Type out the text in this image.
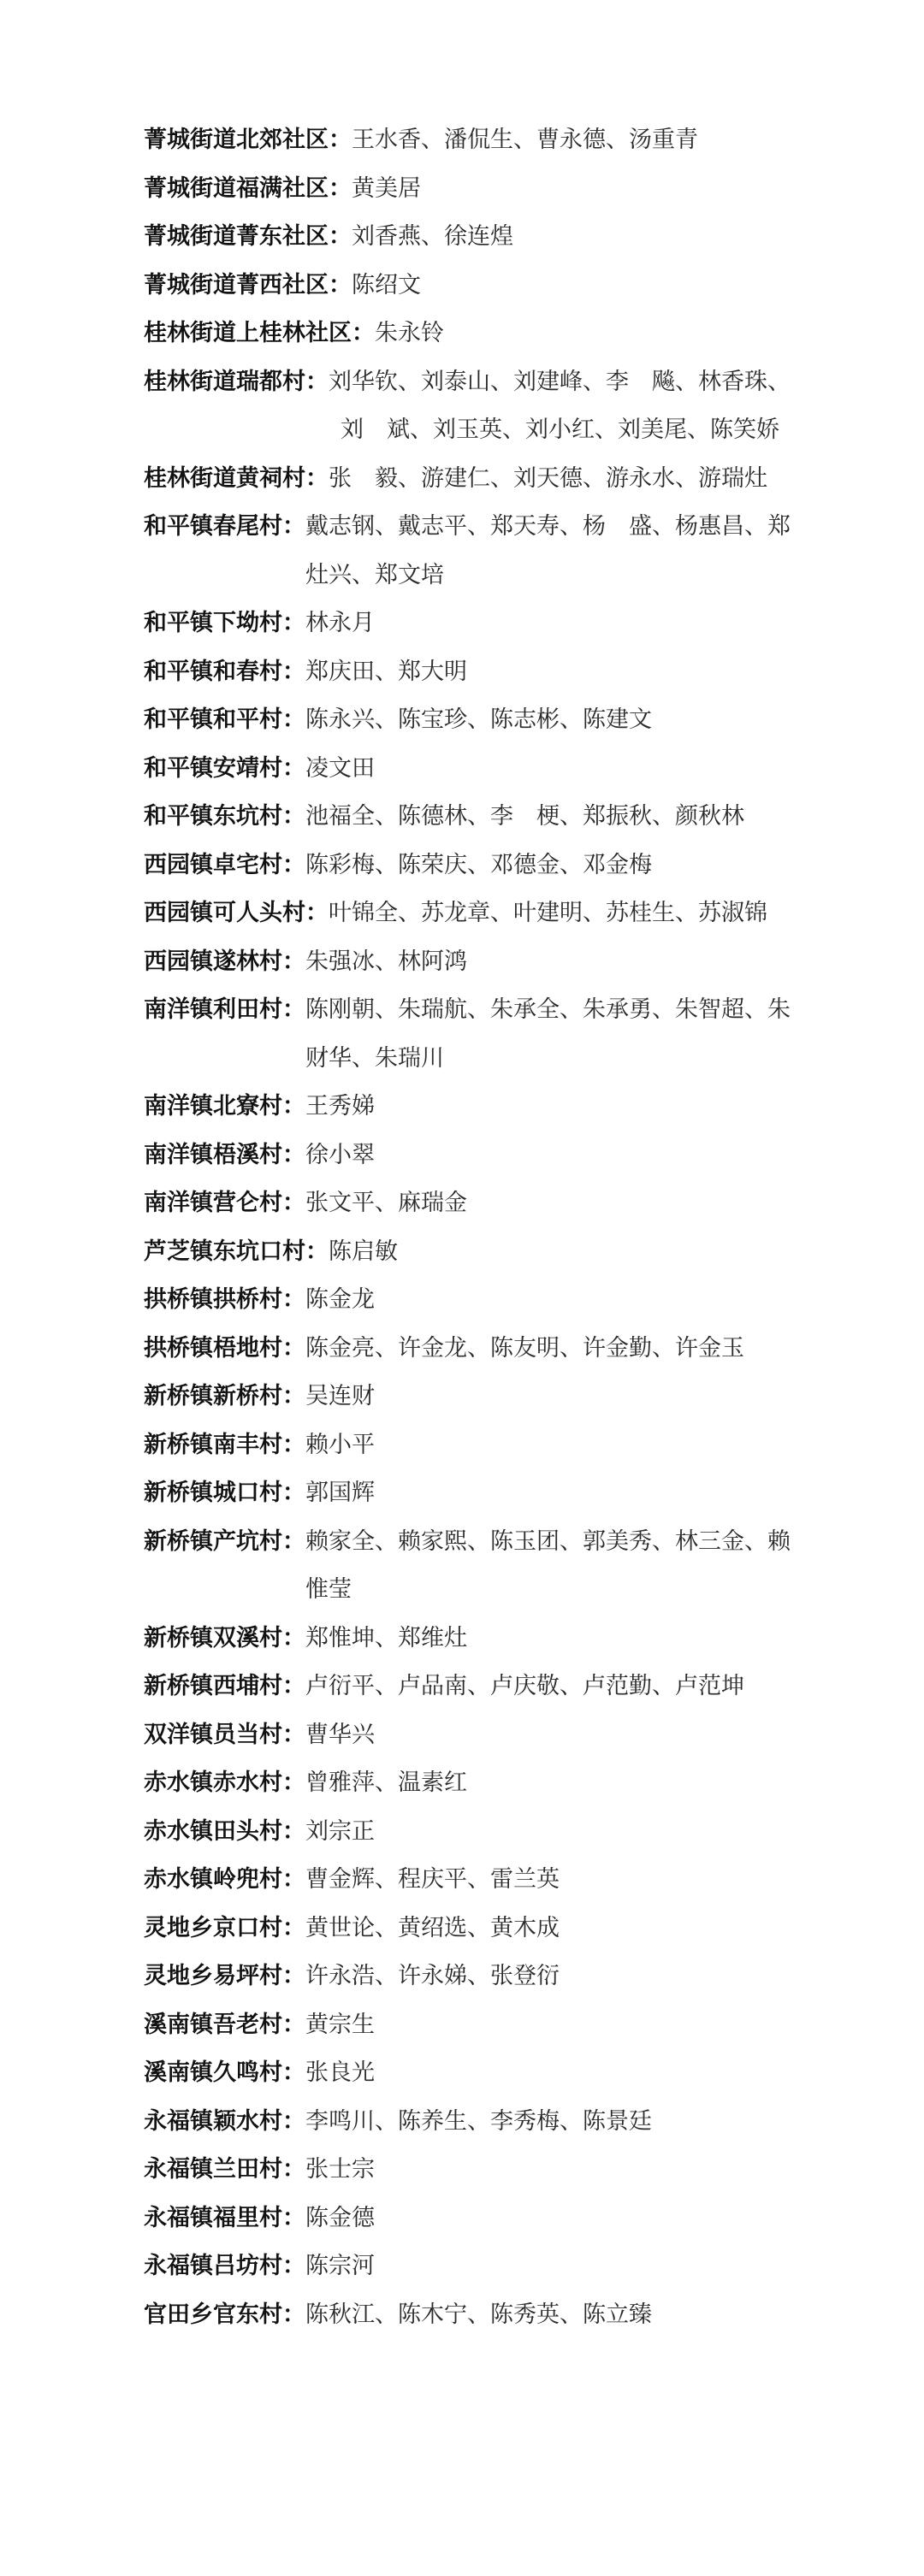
菁城街道北郊社区：王水香、潘侃生、曹永德、汤重青
菁城街道福满社区：黄美居
菁城街道菁东社区：刘香燕、徐连煌
菁城街道菁西社区：陈绍文
桂林街道上桂林社区：朱永铃
桂林街道瑞都村：刘华钦、刘泰山、刘建峰、李　飚、林香珠、
刘　斌、刘玉英、刘小红、刘美尾、陈笑娇
桂林街道黄祠村：张　毅、游建仁、刘天德、游永水、游瑞灶
和平镇春尾村： 戴志钢、戴志平、郑天寿、杨　盛、杨惠昌、郑灶兴、郑文培
和平镇下坳村：林永月
和平镇和春村：郑庆田、郑大明
和平镇和平村：陈永兴、陈宝珍、陈志彬、陈建文
和平镇安靖村：凌文田
和平镇东坑村：池福全、陈德林、李　梗、郑振秋、颜秋林
西园镇卓宅村：陈彩梅、陈荣庆、邓德金、邓金梅
西园镇可人头村：叶锦全、苏龙章、叶建明、苏桂生、苏淑锦
西园镇遂林村：朱强冰、林阿鸿
南洋镇利田村： 陈刚朝、朱瑞航、朱承全、朱承勇、朱智超、朱财华、朱瑞川
南洋镇北寮村：王秀娣
南洋镇梧溪村：徐小翠
南洋镇营仑村：张文平、麻瑞金
芦芝镇东坑口村：陈启敏
拱桥镇拱桥村：陈金龙
拱桥镇梧地村：陈金亮、许金龙、陈友明、许金勤、许金玉
新桥镇新桥村：吴连财
新桥镇南丰村：赖小平
新桥镇城口村：郭国辉
新桥镇产坑村： 赖家全、赖家熙、陈玉团、郭美秀、林三金、赖惟莹
新桥镇双溪村：郑惟坤、郑维灶
新桥镇西埔村：卢衍平、卢品南、卢庆敬、卢范勤、卢范坤
双洋镇员当村：曹华兴
赤水镇赤水村：曾雅萍、温素红
赤水镇田头村：刘宗正
赤水镇岭兜村：曹金辉、程庆平、雷兰英
灵地乡京口村：黄世论、黄绍选、黄木成
灵地乡易坪村：许永浩、许永娣、张登衍
溪南镇吾老村：黄宗生
溪南镇久鸣村：张良光
永福镇颖水村：李鸣川、陈养生、李秀梅、陈景廷
永福镇兰田村：张士宗
永福镇福里村：陈金德
永福镇吕坊村：陈宗河
官田乡官东村：陈秋江、陈木宁、陈秀英、陈立臻
